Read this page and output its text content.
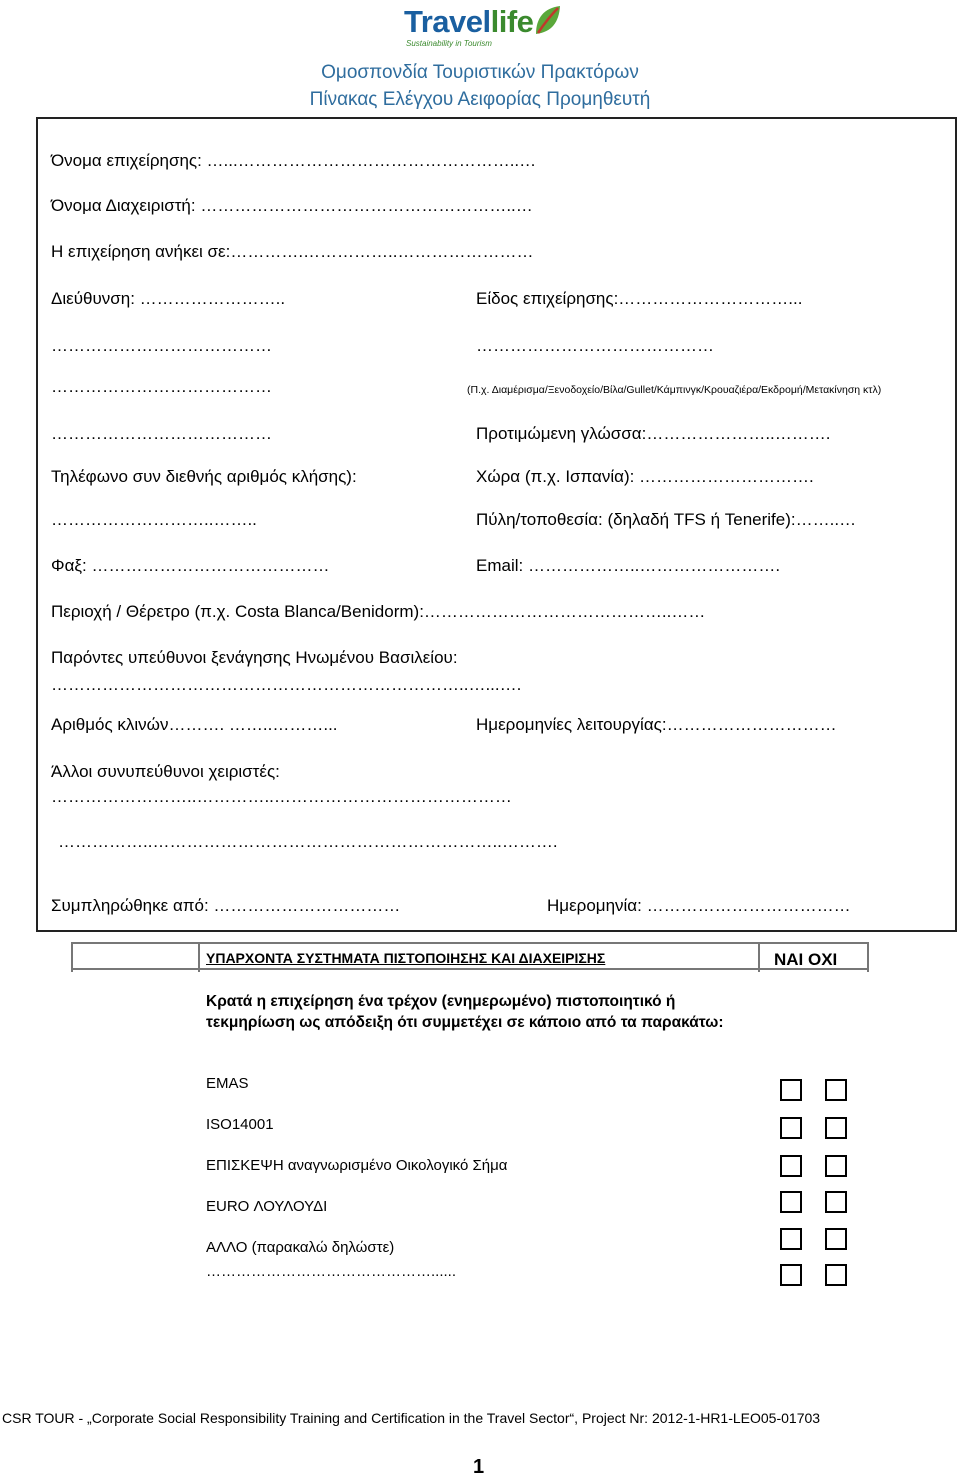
Travellife
Sustainability in Tourism
Ομοσπονδία Τουριστικών Πρακτόρων
Πίνακας Ελέγχου Αειφορίας Προμηθευτή
Όνομα επιχείρησης: …...…………………………………………..…
Όνομα Διαχειριστή: ………………………………………………..…
Η επιχείρηση ανήκει σε:………….……………..……………………
Διεύθυνση: ……………………..	Είδος επιχείρησης:…………………………...
…………………………………	……………………………………
…………………………………	(Π.χ. Διαμέρισμα/Ξενοδοχείο/Βίλα/Gullet/Κάμπινγκ/Κρουαζιέρα/Εκδρομή/Μετακίνηση κτλ)
…………………………………	Προτιμώμενη γλώσσα:…………………..……….
Τηλέφωνο συν διεθνής αριθμός κλήσης):	Χώρα (π.χ. Ισπανία): ………………………….
………………………..……..	Πύλη/τοποθεσία: (δηλαδή TFS ή Tenerife):……..…
Φαξ: ……………………………………	Email: ………………..…………………….
Περιοχή / Θέρετρο (π.χ. Costa Blanca/Benidorm):……………………………………..……
Παρόντες υπεύθυνοι ξενάγησης Ηνωμένου Βασιλείου:
………………………………………………………………..…...….
Αριθμός κλινών………. ……..………...	Ημερομηνίες λειτουργίας:…………………………
Άλλοι συνυπεύθυνοι χειριστές:
……………………..…………..……………………………………
……………..……………………………………………………..……….
Συμπληρώθηκε από: ……………………………	Ημερομηνία: ………………………………
ΥΠΑΡΧΟΝΤΑ ΣΥΣΤΗΜΑΤΑ ΠΙΣΤΟΠΟΙΗΣΗΣ ΚΑΙ ΔΙΑΧΕΙΡΙΣΗΣ	ΝΑΙ ΟΧΙ
Κρατά η επιχείρηση ένα τρέχον (ενημερωμένο) πιστοποιητικό ή τεκμηρίωση ως απόδειξη ότι συμμετέχει σε κάποιο από τα παρακάτω:
EMAS
ISO14001
ΕΠΙΣΚΕΨΗ αναγνωρισμένο Οικολογικό Σήμα
EURO ΛΟΥΛΟΥΔΙ
ΑΛΛΟ (παρακαλώ δηλώστε)
………………………………………......
CSR TOUR - „Corporate Social Responsibility Training and Certification in the Travel Sector“, Project Nr: 2012-1-HR1-LEO05-01703
1
